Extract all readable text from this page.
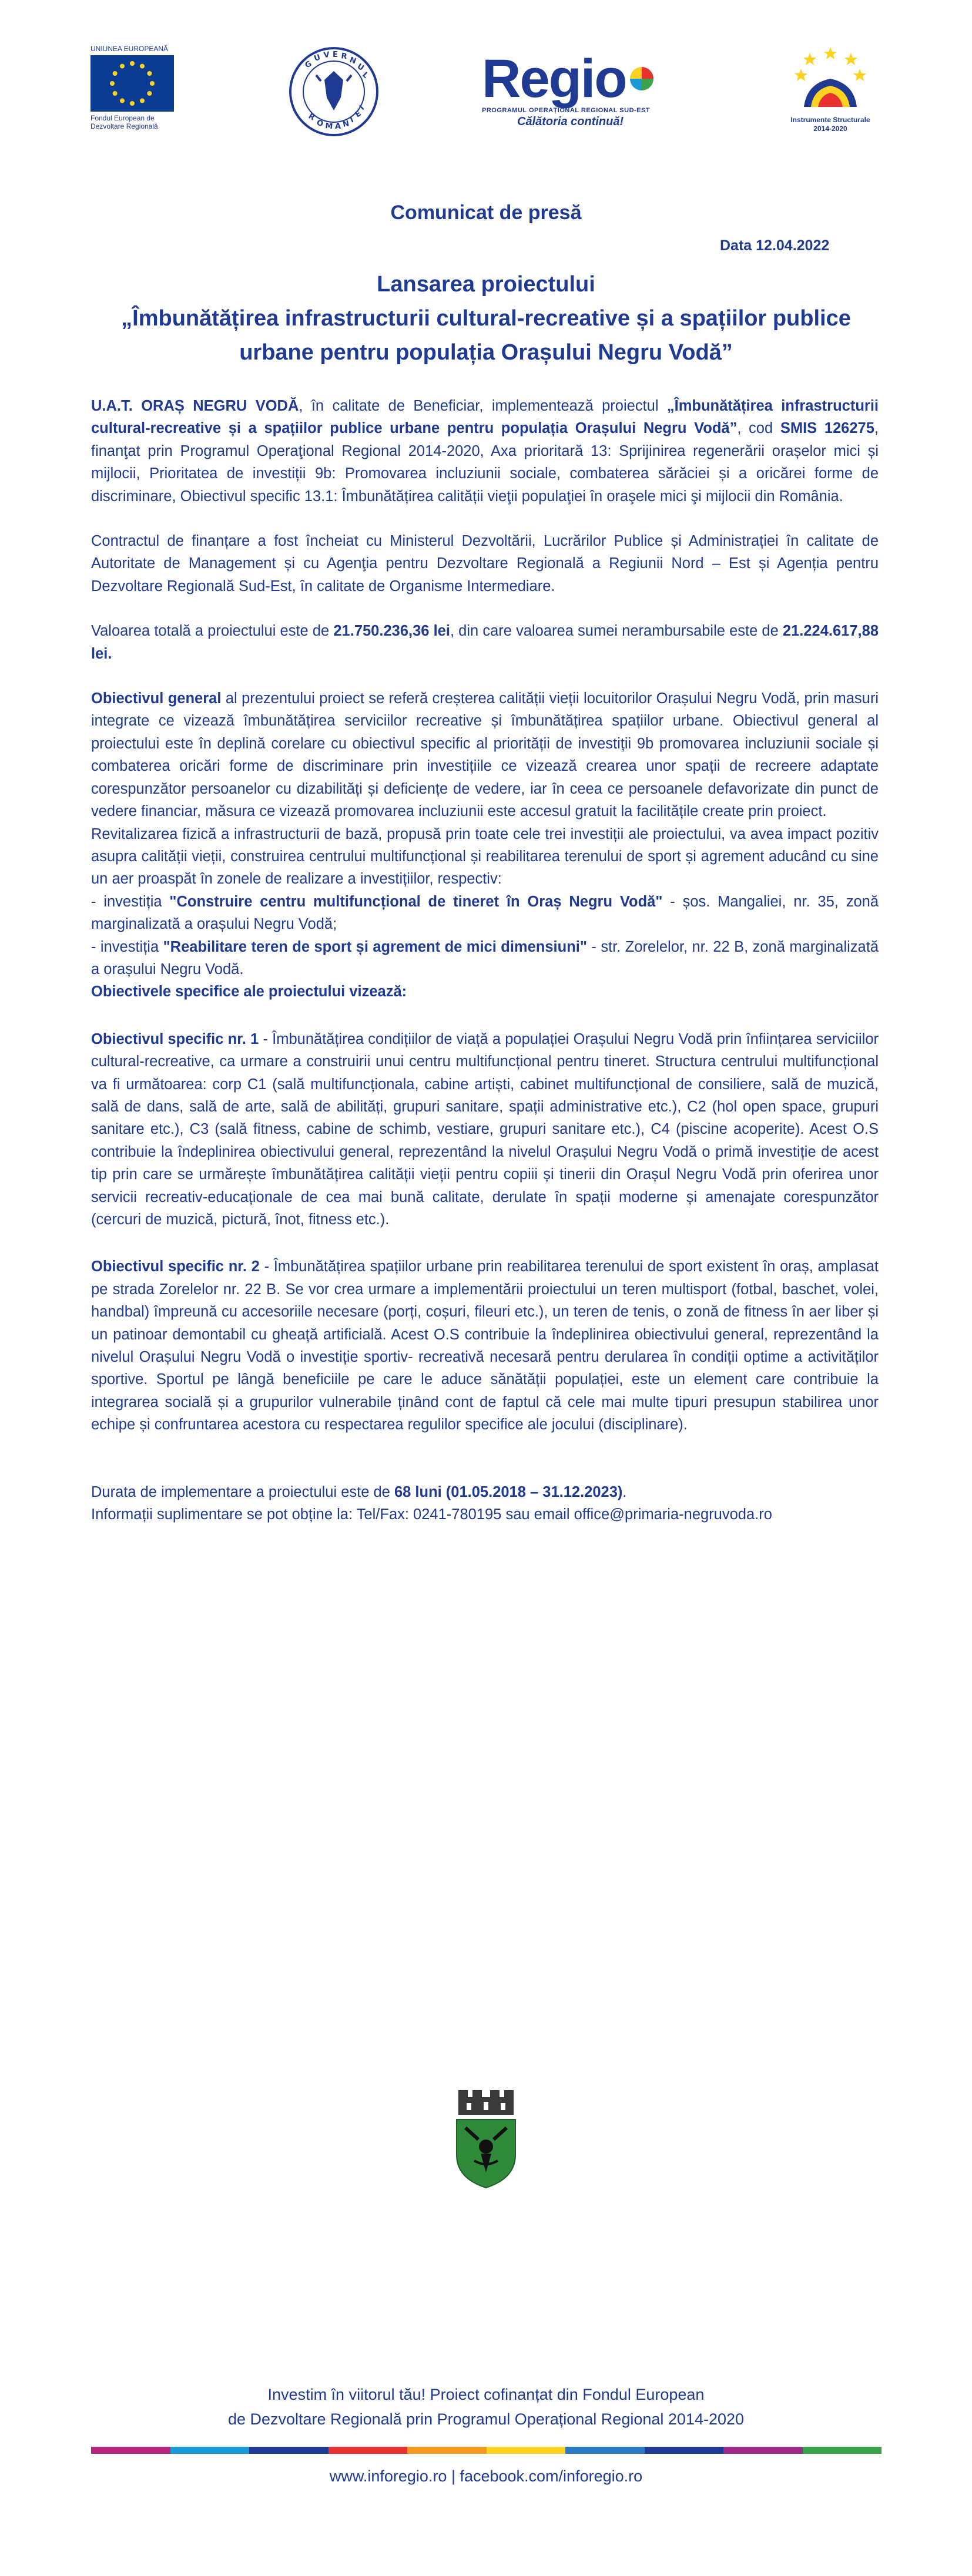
UNIUNEA EUROPEANĂ

Fondul European de

Dezvoltare Regională

G
U V E R N
U
L
R
O M Â N
I
E
I Regio

PROGRAMUL OPERAȚIONAL REGIONAL SUD-EST

Călătoria continuă!	Instrumente Structurale

2014-2020

Comunicat de presă

Data 12.04.2022

Lansarea proiectului
„Îmbunătățirea infrastructurii cultural-recreative și a spațiilor publice
urbane pentru populația Orașului Negru Vodă”

U.A.T. ORAȘ NEGRU VODĂ, în calitate de Beneficiar, implementează proiectul „Îmbunătățirea infrastructurii cultural-recreative și a spațiilor publice urbane pentru populația Orașului Negru Vodă”, cod SMIS 126275, finanţat prin Programul Operaţional Regional 2014-2020, Axa prioritară 13: Sprijinirea regenerării orașelor mici și mijlocii, Prioritatea de investiții 9b: Promovarea incluziunii sociale, combaterea sărăciei și a oricărei forme de discriminare, Obiectivul specific 13.1: Îmbunătățirea calității vieţii populaţiei în oraşele mici şi mijlocii din România.

Contractul de finanțare a fost încheiat cu Ministerul Dezvoltării, Lucrărilor Publice și Administrației în calitate de Autoritate de Management și cu Agenţia pentru Dezvoltare Regională a Regiunii Nord – Est și Agenția pentru Dezvoltare Regională Sud-Est, în calitate de Organisme Intermediare.

Valoarea totală a proiectului este de 21.750.236,36 lei, din care valoarea sumei nerambursabile este de 21.224.617,88 lei.

Obiectivul general al prezentului proiect se referă creșterea calității vieții locuitorilor Orașului Negru Vodă, prin masuri integrate ce vizează îmbunătățirea serviciilor recreative și îmbunătățirea spațiilor urbane. Obiectivul general al proiectului este în deplină corelare cu obiectivul specific al priorității de investiții 9b promovarea incluziunii sociale și combaterea oricări forme de discriminare prin investițiile ce vizează crearea unor spații de recreere adaptate corespunzător persoanelor cu dizabilități și deficiențe de vedere, iar în ceea ce persoanele defavorizate din punct de vedere financiar, măsura ce vizează promovarea incluziunii este accesul gratuit la facilitățile create prin proiect.

Revitalizarea fizică a infrastructurii de bază, propusă prin toate cele trei investiții ale proiectului, va avea impact pozitiv asupra calității vieții, construirea centrului multifuncțional și reabilitarea terenului de sport și agrement aducând cu sine un aer proaspăt în zonele de realizare a investițiilor, respectiv:

- investiția "Construire centru multifuncțional de tineret în Oraș Negru Vodă" - șos. Mangaliei, nr. 35, zonă marginalizată a orașului Negru Vodă;

- investiția "Reabilitare teren de sport și agrement de mici dimensiuni" - str. Zorelelor, nr. 22 B, zonă marginalizată a orașului Negru Vodă.

Obiectivele specifice ale proiectului vizează:

Obiectivul specific nr. 1 - Îmbunătățirea condițiilor de viață a populației Orașului Negru Vodă prin înființarea serviciilor cultural-recreative, ca urmare a construirii unui centru multifuncțional pentru tineret. Structura centrului multifuncțional va fi următoarea: corp C1 (sală multifuncționala, cabine artiști, cabinet multifuncțional de consiliere, sală de muzică, sală de dans, sală de arte, sală de abilități, grupuri sanitare, spații administrative etc.), C2 (hol open space, grupuri sanitare etc.), C3 (sală fitness, cabine de schimb, vestiare, grupuri sanitare etc.), C4 (piscine acoperite). Acest O.S contribuie la îndeplinirea obiectivului general, reprezentând la nivelul Orașului Negru Vodă o primă investiție de acest tip prin care se urmărește îmbunătățirea calității vieții pentru copiii și tinerii din Orașul Negru Vodă prin oferirea unor servicii recreativ-educaționale de cea mai bună calitate, derulate în spații moderne și amenajate corespunzător (cercuri de muzică, pictură, înot, fitness etc.).

Obiectivul specific nr. 2 - Îmbunătățirea spațiilor urbane prin reabilitarea terenului de sport existent în oraș, amplasat pe strada Zorelelor nr. 22 B. Se vor crea urmare a implementării proiectului un teren multisport (fotbal, baschet, volei, handbal) împreună cu accesoriile necesare (porți, coșuri, fileuri etc.), un teren de tenis, o zonă de fitness în aer liber și un patinoar demontabil cu gheață artificială. Acest O.S contribuie la îndeplinirea obiectivului general, reprezentând la nivelul Orașului Negru Vodă o investiție sportiv- recreativă necesară pentru derularea în condiții optime a activităților sportive. Sportul pe lângă beneficiile pe care le aduce sănătății populației, este un element care contribuie la integrarea socială și a grupurilor vulnerabile ținând cont de faptul că cele mai multe tipuri presupun stabilirea unor echipe și confruntarea acestora cu respectarea regulilor specifice ale jocului (disciplinare).

Durata de implementare a proiectului este de 68 luni (01.05.2018 – 31.12.2023).

Informații suplimentare se pot obține la: Tel/Fax: 0241-780195 sau email office@primaria-negruvoda.ro

Investim în viitorul tău! Proiect cofinanțat din Fondul European
de Dezvoltare Regională prin Programul Operațional Regional 2014-2020

www.inforegio.ro | facebook.com/inforegio.ro
